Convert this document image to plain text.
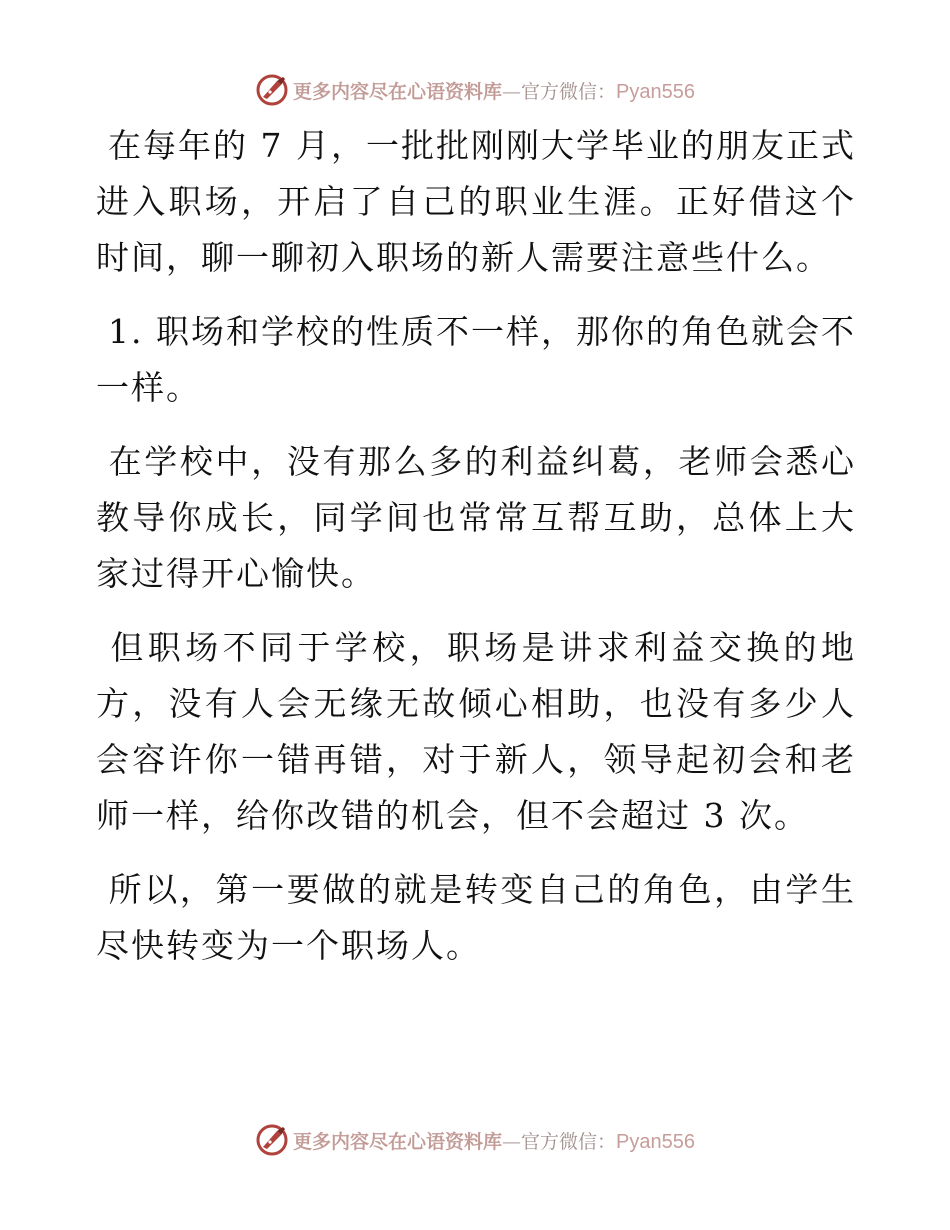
更多内容尽在心语资料库—官方微信：Pyan556

在每年的 7 月，一批批刚刚大学毕业的朋友正式进入职场，开启了自己的职业生涯。正好借这个时间，聊一聊初入职场的新人需要注意些什么。

1. 职场和学校的性质不一样，那你的角色就会不一样。

在学校中，没有那么多的利益纠葛，老师会悉心教导你成长，同学间也常常互帮互助，总体上大家过得开心愉快。

但职场不同于学校，职场是讲求利益交换的地方，没有人会无缘无故倾心相助，也没有多少人会容许你一错再错，对于新人，领导起初会和老师一样，给你改错的机会，但不会超过 3 次。

所以，第一要做的就是转变自己的角色，由学生尽快转变为一个职场人。

更多内容尽在心语资料库—官方微信：Pyan556
